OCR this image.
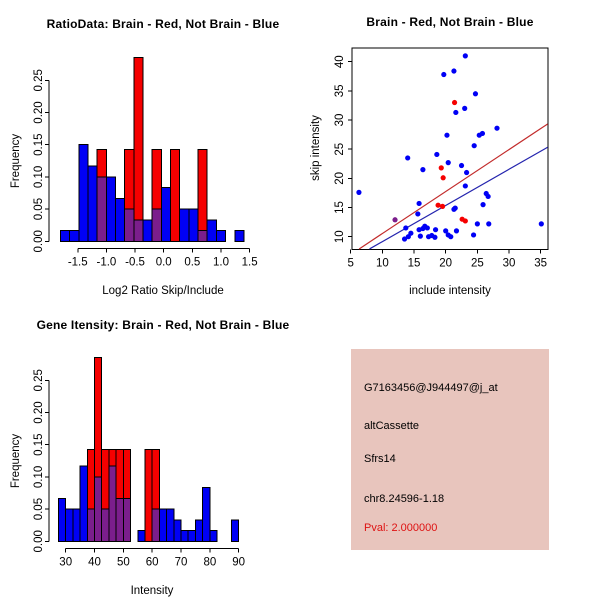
-1.5 -1.0 -0.5 0.0 0.5 1.0 1.5
0.00
0.05
0.10
0.15
0.20
0.25
30 40 50 60 70 80 90
0.00
0.05
0.10
0.15
0.20
0.25
5 10 15 20 25 30 35
10
15
20
25
30
35
40
RatioData: Brain - Red, Not Brain - Blue
Frequency
Log2 Ratio Skip/Include
Brain - Red, Not Brain - Blue
skip intensity
include intensity
Gene Itensity: Brain - Red, Not Brain - Blue
Frequency
Intensity
G7163456@J944497@j_at
altCassette
Sfrs14
chr8.24596-1.18
Pval: 2.000000
